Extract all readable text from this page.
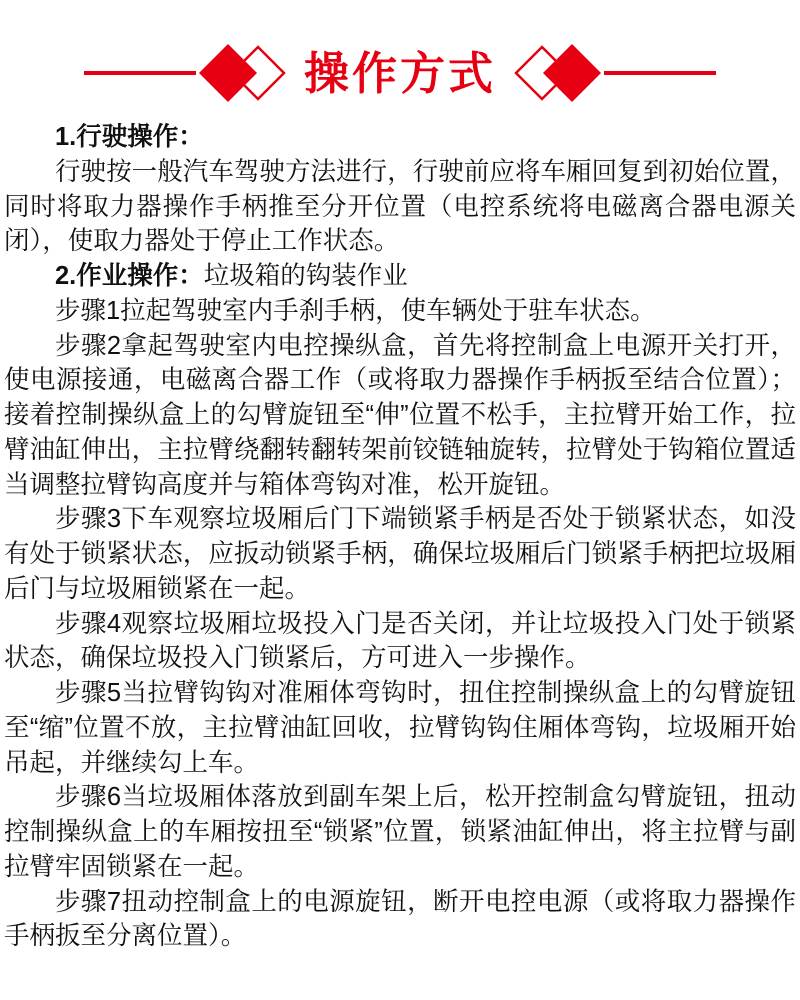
操作方式

1.行驶操作：

行驶按一般汽车驾驶方法进行，行驶前应将车厢回复到初始位置，同时将取力器操作手柄推至分开位置（电控系统将电磁离合器电源关闭），使取力器处于停止工作状态。

2.作业操作：垃圾箱的钩装作业

步骤1拉起驾驶室内手刹手柄，使车辆处于驻车状态。

步骤2拿起驾驶室内电控操纵盒，首先将控制盒上电源开关打开，使电源接通，电磁离合器工作（或将取力器操作手柄扳至结合位置）；接着控制操纵盒上的勾臂旋钮至“伸”位置不松手，主拉臂开始工作，拉臂油缸伸出，主拉臂绕翻转翻转架前铰链轴旋转，拉臂处于钩箱位置适当调整拉臂钩高度并与箱体弯钩对准，松开旋钮。

步骤3下车观察垃圾厢后门下端锁紧手柄是否处于锁紧状态，如没有处于锁紧状态，应扳动锁紧手柄，确保垃圾厢后门锁紧手柄把垃圾厢后门与垃圾厢锁紧在一起。

步骤4观察垃圾厢垃圾投入门是否关闭，并让垃圾投入门处于锁紧状态，确保垃圾投入门锁紧后，方可进入一步操作。

步骤5当拉臂钩钩对准厢体弯钩时，扭住控制操纵盒上的勾臂旋钮至“缩”位置不放，主拉臂油缸回收，拉臂钩钩住厢体弯钩，垃圾厢开始吊起，并继续勾上车。

步骤6当垃圾厢体落放到副车架上后，松开控制盒勾臂旋钮，扭动控制操纵盒上的车厢按扭至“锁紧”位置，锁紧油缸伸出，将主拉臂与副拉臂牢固锁紧在一起。

步骤7扭动控制盒上的电源旋钮，断开电控电源（或将取力器操作手柄扳至分离位置）。
